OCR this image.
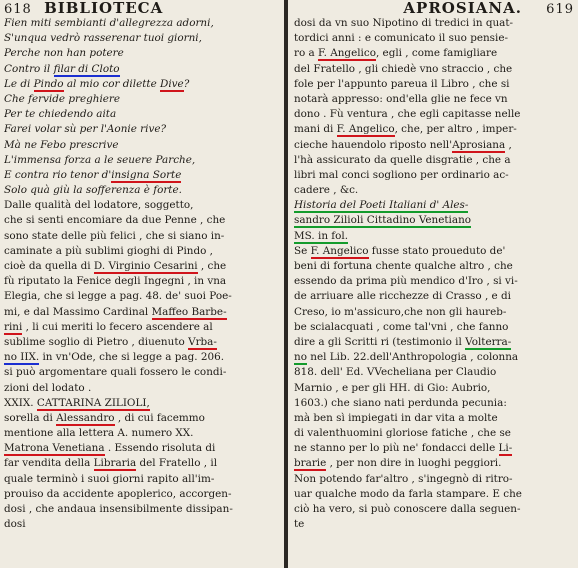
618 BIBLIOTECA
Fien miti sembianti d'allegrezza adorni,
S'unqua vedrò rasserenar tuoi giorni,
Perche non han potere
Contro il filar di Cloto
Le di Pindo al mio cor dilette Dive?
Che fervide preghiere
Per te chiedendo aita
Farei volar sù per l'Aonie rive?
Mà ne Febo prescrive
L'immensa forza a le seuere Parche,
E contra rio tenor d'insigna Sorte
Solo quà giù la sofferenza è forte.
Dalle qualità del lodatore, soggetto,
che si senti encomiare da due Penne , che
sono state delle più felici , che si siano in-
caminate a più sublimi gioghi di Pindo ,
cioè da quella di D. Virginio Cesarini , che
fù riputato la Fenice degli Ingegni , in vna
Elegia, che si legge a pag. 48. de' suoi Poe-
mi, e dal Massimo Cardinal Maffeo Barbe-
rini , li cui meriti lo fecero ascendere al
sublime soglio di Pietro , diuenuto Vrba-
no IIX. in vn'Ode, che si legge a pag. 206.
si può argomentare quali fossero le condi-
zioni del lodato .
XXIX. CATTARINA ZILIOLI,
sorella di Alessandro , di cui facemmo
mentione alla lettera A. numero XX.
Matrona Venetiana . Essendo risoluta di
far vendita della Libraria del Fratello , il
quale terminò i suoi giorni rapito all'im-
prouiso da accidente apoplerico, accorgen-
dosi , che andaua insensibilmente dissipan-
dosi
APROSIANA. 619
dosi da vn suo Nipotino di tredici in quat-
tordici anni : e comunicato il suo pensie-
ro a F. Angelico, egli , come famigliare
del Fratello , gli chiedè vno straccio , che
fole per l'appunto pareua il Libro , che si
notarà appresso: ond'ella glie ne fece vn
dono . Fù ventura , che egli capitasse nelle
mani di F. Angelico, che, per altro , imper-
cieche hauendolo riposto nell'Aprosiana ,
l'hà assicurato da quelle disgratie , che a
libri mal conci sogliono per ordinario ac-
cadere , &c.
Historia del Poeti Italiani d' Ales-
sandro Zilioli Cittadino Venetiano
MS. in fol.
Se F. Angelico fusse stato proueduto de'
beni di fortuna chente qualche altro , che
essendo da prima più mendico d'Iro , si vi-
de arriuare alle ricchezze di Crasso , e di
Creso, io m'assicuro,che non gli haureb-
be scialacquati , come tal'vni , che fanno
dire a gli Scritti ri (testimonio il Volterra-
no nel Lib. 22.dell'Anthropologia , colonna
818. dell' Ed. VVecheliana per Claudio
Marnio , e per gli HH. di Gio: Aubrio,
1603.) che siano nati perdunda pecunia:
mà ben sì impiegati in dar vita a molte
di valenthuomini gloriose fatiche , che se
ne stanno per lo più ne' fondacci delle Li-
brarie , per non dire in luoghi peggiori.
Non potendo far'altro , s'ingegnò di ritro-
uar qualche modo da farla stampare. E che
ciò ha vero, si può conoscere dalla seguen-
te
